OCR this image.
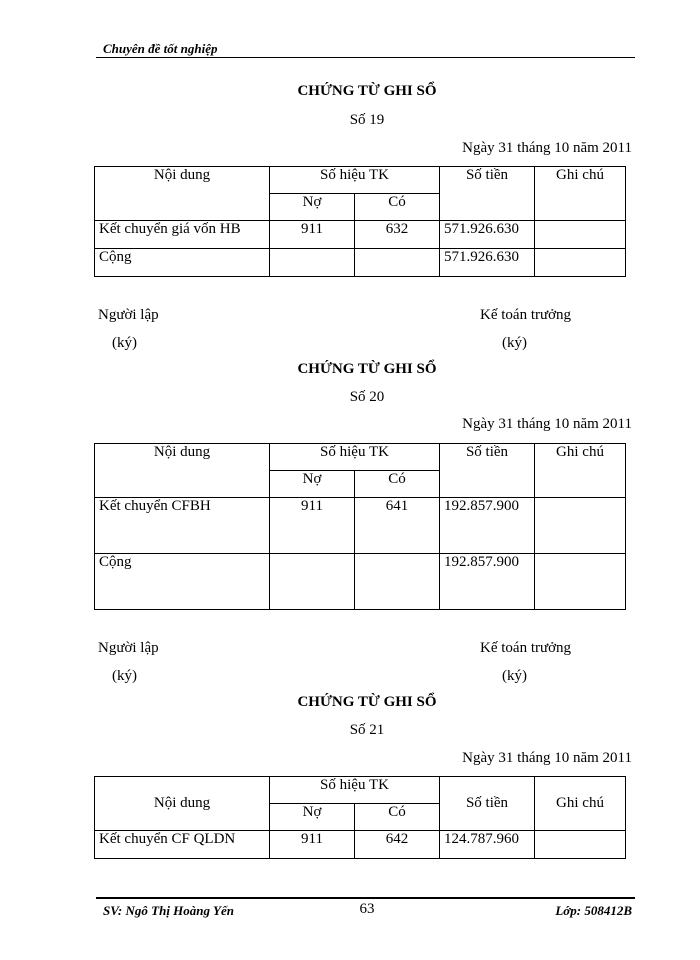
Chuyên đề tốt nghiệp
CHỨNG TỪ GHI SỔ
Số 19
Ngày 31 tháng 10 năm 2011
Nội dung	Số hiệu TK		Số tiền	Ghi chú
	Nợ	Có		
Kết chuyển giá vốn HB	911	632	571.926.630	
Cộng			571.926.630	
Người lập	Kế toán trưởng
(ký)	(ký)
CHỨNG TỪ GHI SỔ
Số 20
Ngày 31 tháng 10 năm 2011
Nội dung	Số hiệu TK		Số tiền	Ghi chú
	Nợ	Có		
Kết chuyển CFBH	911	641	192.857.900	
Cộng			192.857.900	
Người lập	Kế toán trưởng
(ký)	(ký)
CHỨNG TỪ GHI SỔ
Số 21
Ngày 31 tháng 10 năm 2011
Nội dung	Số hiệu TK		Số tiền	Ghi chú
	Nợ	Có		
Kết chuyển CF QLDN	911	642	124.787.960	
SV: Ngô Thị Hoàng Yến	63	Lớp: 508412B
